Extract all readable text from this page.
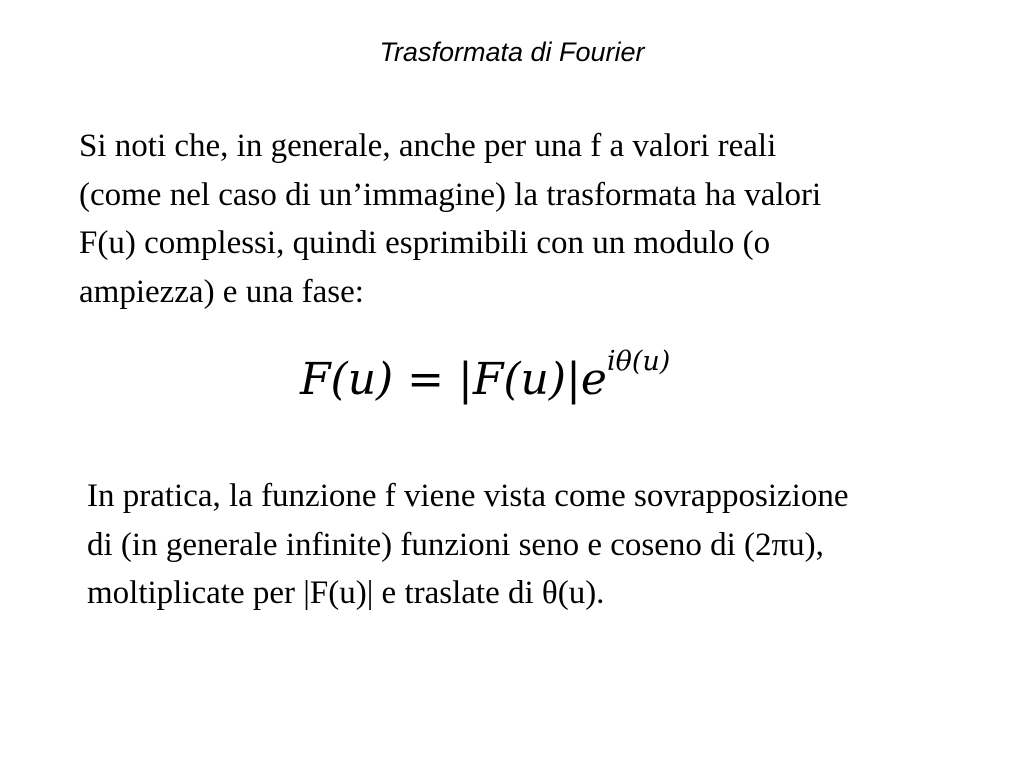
Trasformata di Fourier
Si noti che, in generale, anche per una f a valori reali
(come nel caso di un’immagine) la trasformata ha valori
F(u) complessi, quindi esprimibili con un modulo (o
ampiezza) e una fase:
$F(u) = |F(u)|e^{i\theta(u)}$
In pratica, la funzione f viene vista come sovrapposizione
di (in generale infinite) funzioni seno e coseno di (2πu),
moltiplicate per |F(u)| e traslate di θ(u).
